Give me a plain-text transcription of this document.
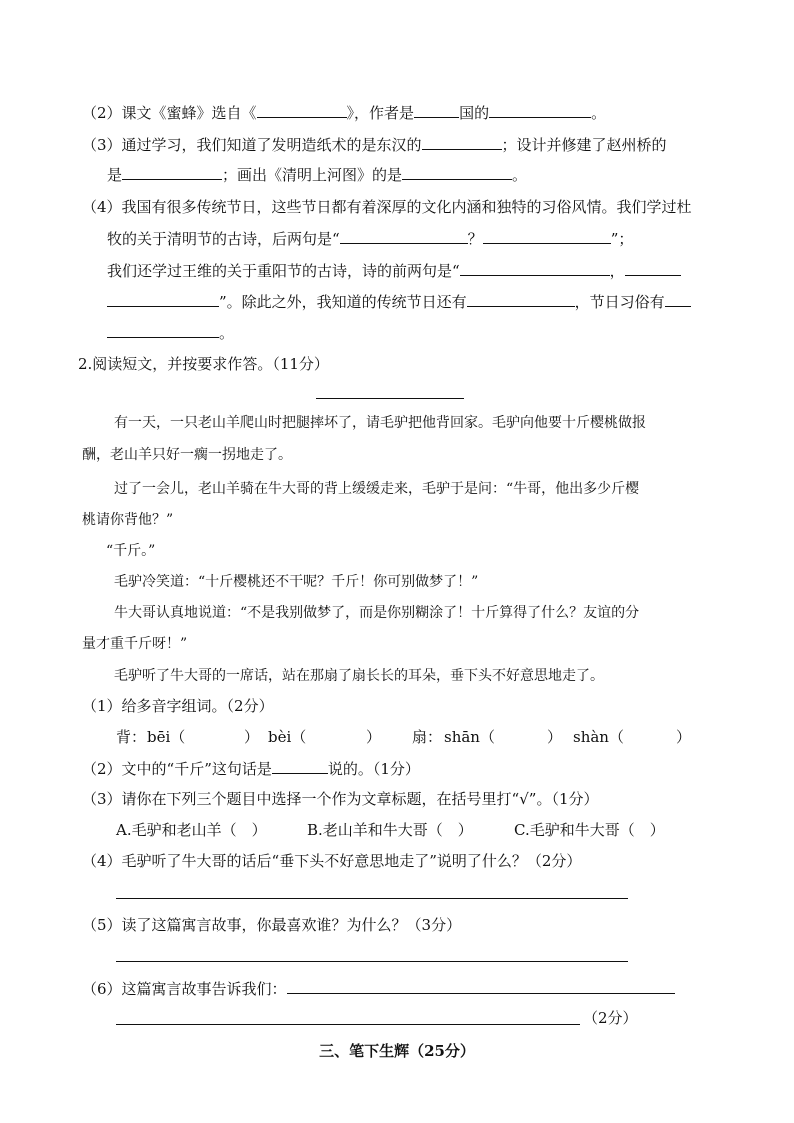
（2）课文《蜜蜂》选自《	》，作者是	国的	。
（3）通过学习，我们知道了发明造纸术的是东汉的	；设计并修建了赵州桥的
是	；画出《清明上河图》的是	。
（4）我国有很多传统节日，这些节日都有着深厚的文化内涵和独特的习俗风情。我们学过杜
牧的关于清明节的古诗，后两句是“	？	”；
我们还学过王维的关于重阳节的古诗，诗的前两句是“	，
”。除此之外，我知道的传统节日还有	，节日习俗有
。
2.阅读短文，并按要求作答。（11分）
有一天，一只老山羊爬山时把腿摔坏了，请毛驴把他背回家。毛驴向他要十斤樱桃做报
酬，老山羊只好一瘸一拐地走了。
过了一会儿，老山羊骑在牛大哥的背上缓缓走来，毛驴于是问：“牛哥，他出多少斤樱
桃请你背他？”
“千斤。”
毛驴冷笑道：“十斤樱桃还不干呢？千斤！你可别做梦了！”
牛大哥认真地说道：“不是我别做梦了，而是你别糊涂了！十斤算得了什么？友谊的分
量才重千斤呀！”
毛驴听了牛大哥的一席话，站在那扇了扇长长的耳朵，垂下头不好意思地走了。
（1）给多音字组词。（2分）
背： bēi（	） bèi（	） 扇： shān（	） shàn（	）
（2）文中的“千斤”这句话是	说的。（1分）
（3）请你在下列三个题目中选择一个作为文章标题，在括号里打“√”。（1分）
A.毛驴和老山羊（　）	B.老山羊和牛大哥（　）	C.毛驴和牛大哥（　）
（4）毛驴听了牛大哥的话后“垂下头不好意思地走了”说明了什么？（2分）
（5）读了这篇寓言故事，你最喜欢谁？为什么？（3分）
（6）这篇寓言故事告诉我们：
（2分）
三、笔下生辉（25分）
